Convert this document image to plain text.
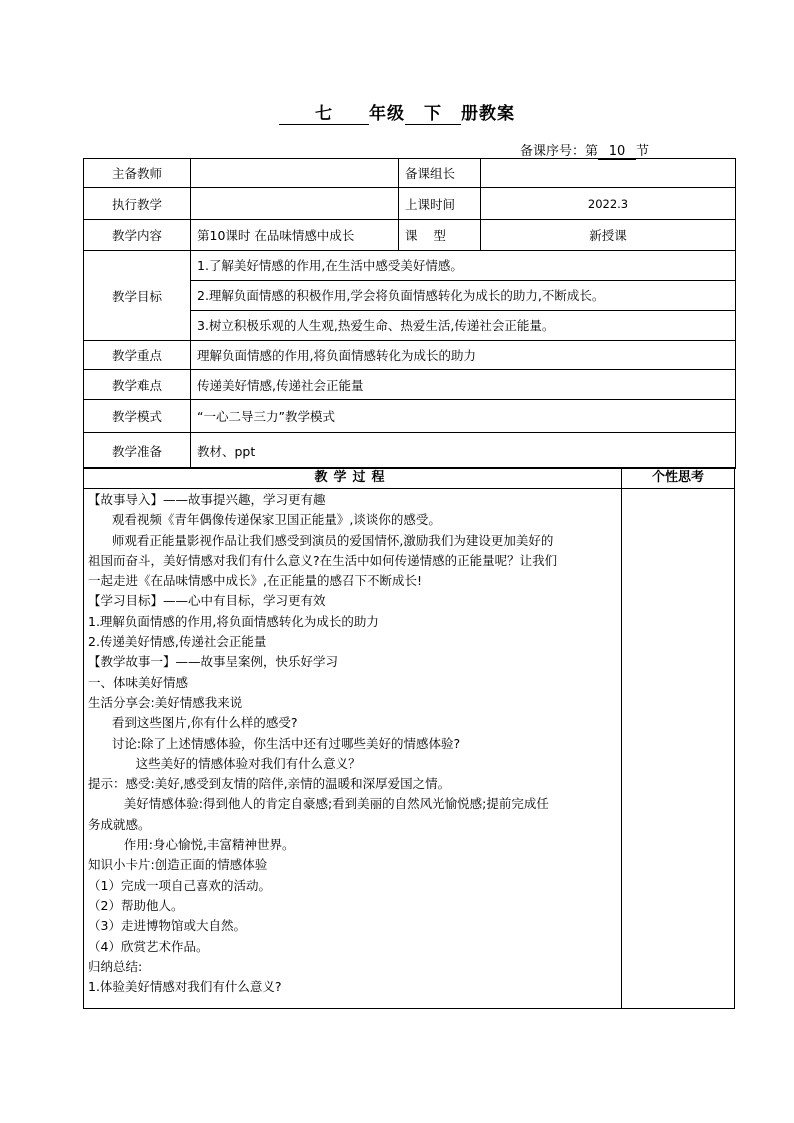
七 年级 下 册教案
备课序号：第 10 节
主备教师		备课组长	
执行教学		上课时间	2022.3
教学内容	第10课时 在品味情感中成长	课    型	新授课
教学目标	1.了解美好情感的作用,在生活中感受美好情感。
2.理解负面情感的积极作用,学会将负面情感转化为成长的助力,不断成长。
3.树立积极乐观的人生观,热爱生命、热爱生活,传递社会正能量。		

教学重点	理解负面情感的作用,将负面情感转化为成长的助力		
教学难点	传递美好情感,传递社会正能量		
教学模式	“一心二导三力”教学模式		
教学准备	教材、ppt		
教学过程	个性思考
【故事导入】——故事提兴趣，学习更有趣
观看视频《青年偶像传递保家卫国正能量》,谈谈你的感受。
师观看正能量影视作品让我们感受到演员的爱国情怀,激励我们为建设更加美好的
祖国而奋斗，美好情感对我们有什么意义?在生活中如何传递情感的正能量呢？让我们
一起走进《在品味情感中成长》,在正能量的感召下不断成长!
【学习目标】——心中有目标，学习更有效
1.理解负面情感的作用,将负面情感转化为成长的助力
2.传递美好情感,传递社会正能量
【教学故事一】——故事呈案例，快乐好学习
一、体味美好情感
生活分享会:美好情感我来说
看到这些图片,你有什么样的感受?
讨论:除了上述情感体验，你生活中还有过哪些美好的情感体验?
这些美好的情感体验对我们有什么意义？
提示：感受:美好,感受到友情的陪伴,亲情的温暖和深厚爱国之情。
美好情感体验:得到他人的肯定自豪感;看到美丽的自然风光愉悦感;提前完成任
务成就感。
作用:身心愉悦,丰富精神世界。
知识小卡片:创造正面的情感体验
（1）完成一项自己喜欢的活动。
（2）帮助他人。
（3）走进博物馆或大自然。
（4）欣赏艺术作品。
归纳总结:
1.体验美好情感对我们有什么意义?
